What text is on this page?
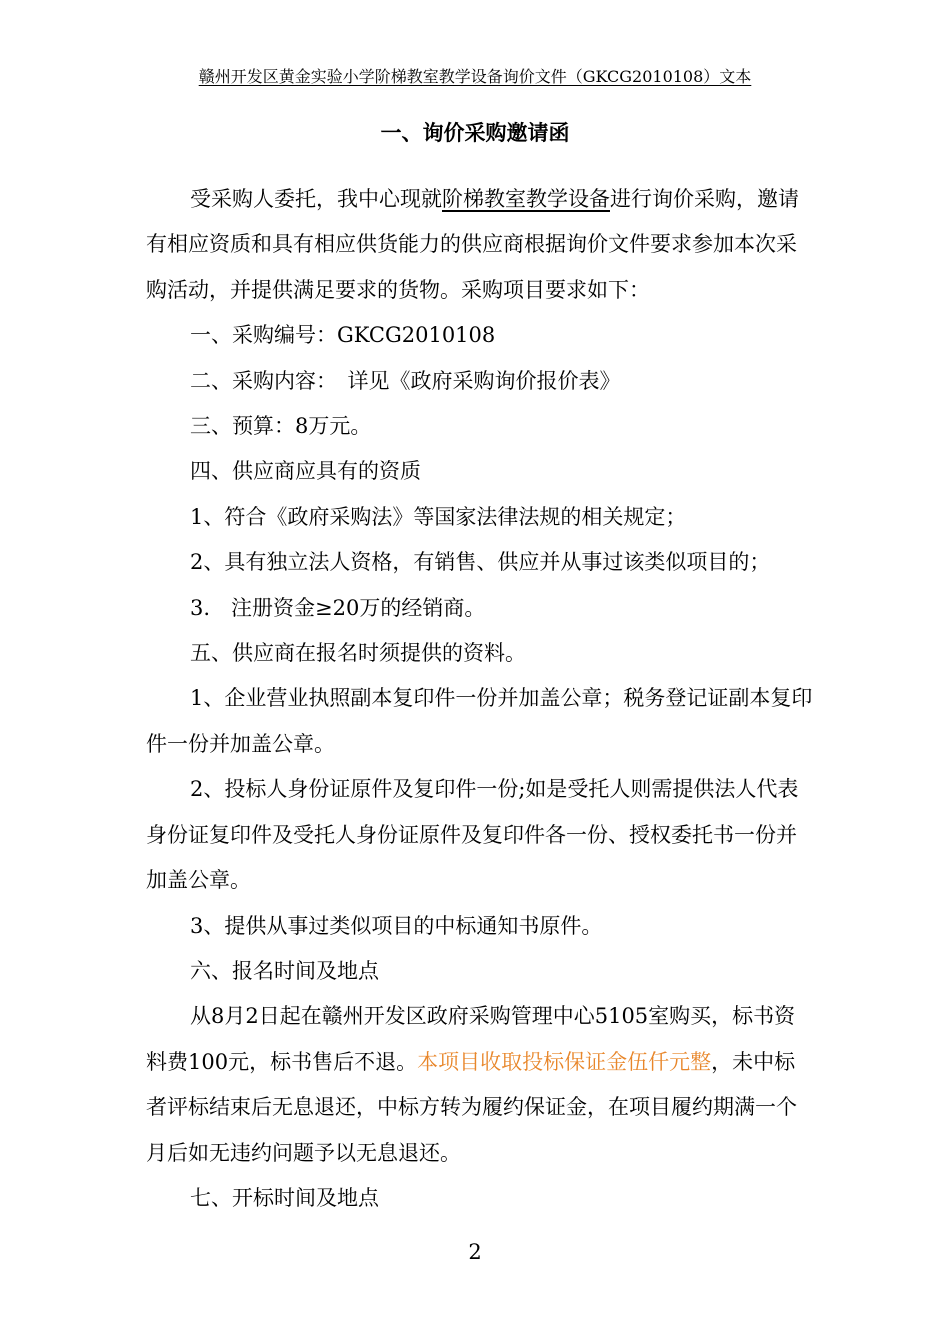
赣州开发区黄金实验小学阶梯教室教学设备询价文件（GKCG2010108）文本
一、询价采购邀请函

受采购人委托，我中心现就阶梯教室教学设备进行询价采购，邀请有相应资质和具有相应供货能力的供应商根据询价文件要求参加本次采购活动，并提供满足要求的货物。采购项目要求如下：

一、采购编号：GKCG2010108

二、采购内容：　详见《政府采购询价报价表》

三、预算：8万元。

四、供应商应具有的资质

1、符合《政府采购法》等国家法律法规的相关规定；

2、具有独立法人资格，有销售、供应并从事过该类似项目的；

3.　注册资金≥20万的经销商。

五、供应商在报名时须提供的资料。

1、企业营业执照副本复印件一份并加盖公章；税务登记证副本复印件一份并加盖公章。

2、投标人身份证原件及复印件一份;如是受托人则需提供法人代表身份证复印件及受托人身份证原件及复印件各一份、授权委托书一份并加盖公章。

3、提供从事过类似项目的中标通知书原件。

六、报名时间及地点

从8月2日起在赣州开发区政府采购管理中心5105室购买，标书资料费100元，标书售后不退。本项目收取投标保证金伍仟元整，未中标者评标结束后无息退还，中标方转为履约保证金，在项目履约期满一个月后如无违约问题予以无息退还。

七、开标时间及地点

2
